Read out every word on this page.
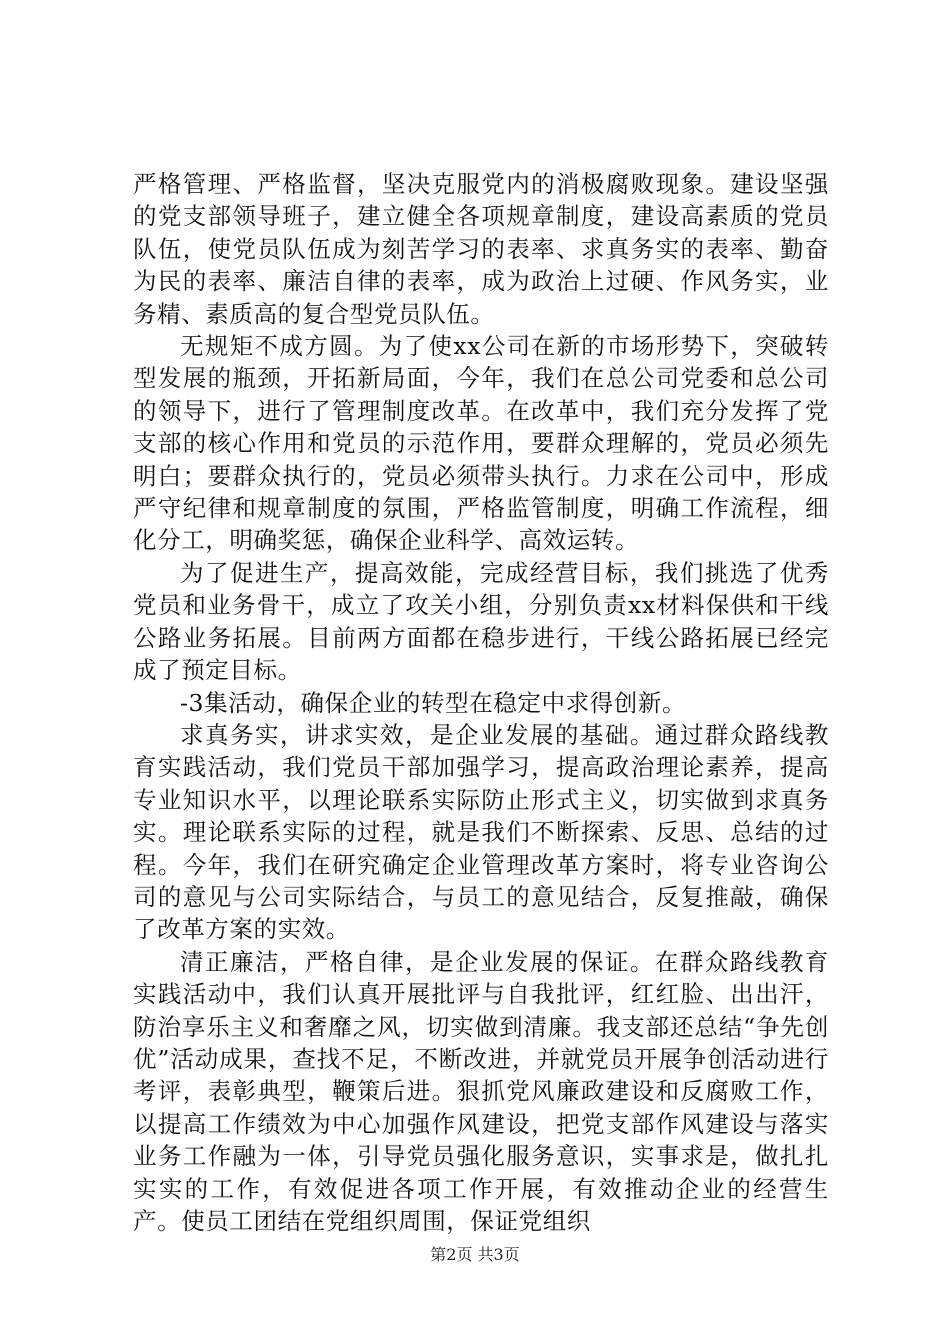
严格管理、严格监督，坚决克服党内的消极腐败现象。建设坚强的党支部领导班子，建立健全各项规章制度，建设高素质的党员队伍，使党员队伍成为刻苦学习的表率、求真务实的表率、勤奋为民的表率、廉洁自律的表率，成为政治上过硬、作风务实，业务精、素质高的复合型党员队伍。

无规矩不成方圆。为了使xx公司在新的市场形势下，突破转型发展的瓶颈，开拓新局面，今年，我们在总公司党委和总公司的领导下，进行了管理制度改革。在改革中，我们充分发挥了党支部的核心作用和党员的示范作用，要群众理解的，党员必须先明白；要群众执行的，党员必须带头执行。力求在公司中，形成严守纪律和规章制度的氛围，严格监管制度，明确工作流程，细化分工，明确奖惩，确保企业科学、高效运转。

为了促进生产，提高效能，完成经营目标，我们挑选了优秀党员和业务骨干，成立了攻关小组，分别负责xx材料保供和干线公路业务拓展。目前两方面都在稳步进行，干线公路拓展已经完成了预定目标。

-3集活动，确保企业的转型在稳定中求得创新。

求真务实，讲求实效，是企业发展的基础。通过群众路线教育实践活动，我们党员干部加强学习，提高政治理论素养，提高专业知识水平，以理论联系实际防止形式主义，切实做到求真务实。理论联系实际的过程，就是我们不断探索、反思、总结的过程。今年，我们在研究确定企业管理改革方案时，将专业咨询公司的意见与公司实际结合，与员工的意见结合，反复推敲，确保了改革方案的实效。

清正廉洁，严格自律，是企业发展的保证。在群众路线教育实践活动中，我们认真开展批评与自我批评，红红脸、出出汗，防治享乐主义和奢靡之风，切实做到清廉。我支部还总结“争先创优”活动成果，查找不足，不断改进，并就党员开展争创活动进行考评，表彰典型，鞭策后进。狠抓党风廉政建设和反腐败工作，以提高工作绩效为中心加强作风建设，把党支部作风建设与落实业务工作融为一体，引导党员强化服务意识，实事求是，做扎扎实实的工作，有效促进各项工作开展，有效推动企业的经营生产。使员工团结在党组织周围，保证党组织

第2页 共3页
